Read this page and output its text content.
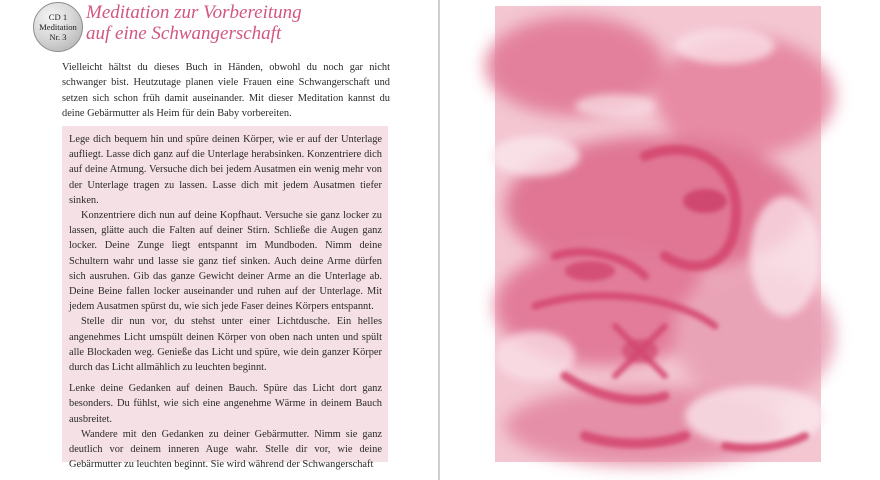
CD 1
Meditation
Nr. 3
Meditation zur Vorbereitung
auf eine Schwangerschaft

Vielleicht hältst du dieses Buch in Händen, obwohl du noch gar nicht schwanger bist. Heutzutage planen viele Frauen eine Schwangerschaft und setzen sich schon früh damit auseinander. Mit dieser Meditation kannst du deine Gebärmutter als Heim für dein Baby vorbereiten.

Lege dich bequem hin und spüre deinen Körper, wie er auf der Unterlage aufliegt. Lasse dich ganz auf die Unterlage herabsinken. Konzentriere dich auf deine Atmung. Versuche dich bei jedem Ausatmen ein wenig mehr von der Unterlage tragen zu lassen. Lasse dich mit jedem Ausatmen tiefer sinken.

Konzentriere dich nun auf deine Kopfhaut. Versuche sie ganz locker zu lassen, glätte auch die Falten auf deiner Stirn. Schließe die Augen ganz locker. Deine Zunge liegt entspannt im Mundboden. Nimm deine Schultern wahr und lasse sie ganz tief sinken. Auch deine Arme dürfen sich ausruhen. Gib das ganze Gewicht deiner Arme an die Unterlage ab. Deine Beine fallen locker auseinander und ruhen auf der Unterlage. Mit jedem Ausatmen spürst du, wie sich jede Faser deines Körpers entspannt.

Stelle dir nun vor, du stehst unter einer Lichtdusche. Ein helles angenehmes Licht umspült deinen Körper von oben nach unten und spült alle Blockaden weg. Genieße das Licht und spüre, wie dein ganzer Körper durch das Licht allmählich zu leuchten beginnt.

Lenke deine Gedanken auf deinen Bauch. Spüre das Licht dort ganz besonders. Du fühlst, wie sich eine angenehme Wärme in deinem Bauch ausbreitet.

Wandere mit den Gedanken zu deiner Gebärmutter. Nimm sie ganz deutlich vor deinem inneren Auge wahr. Stelle dir vor, wie deine Gebärmutter zu leuchten beginnt. Sie wird während der Schwangerschaft
